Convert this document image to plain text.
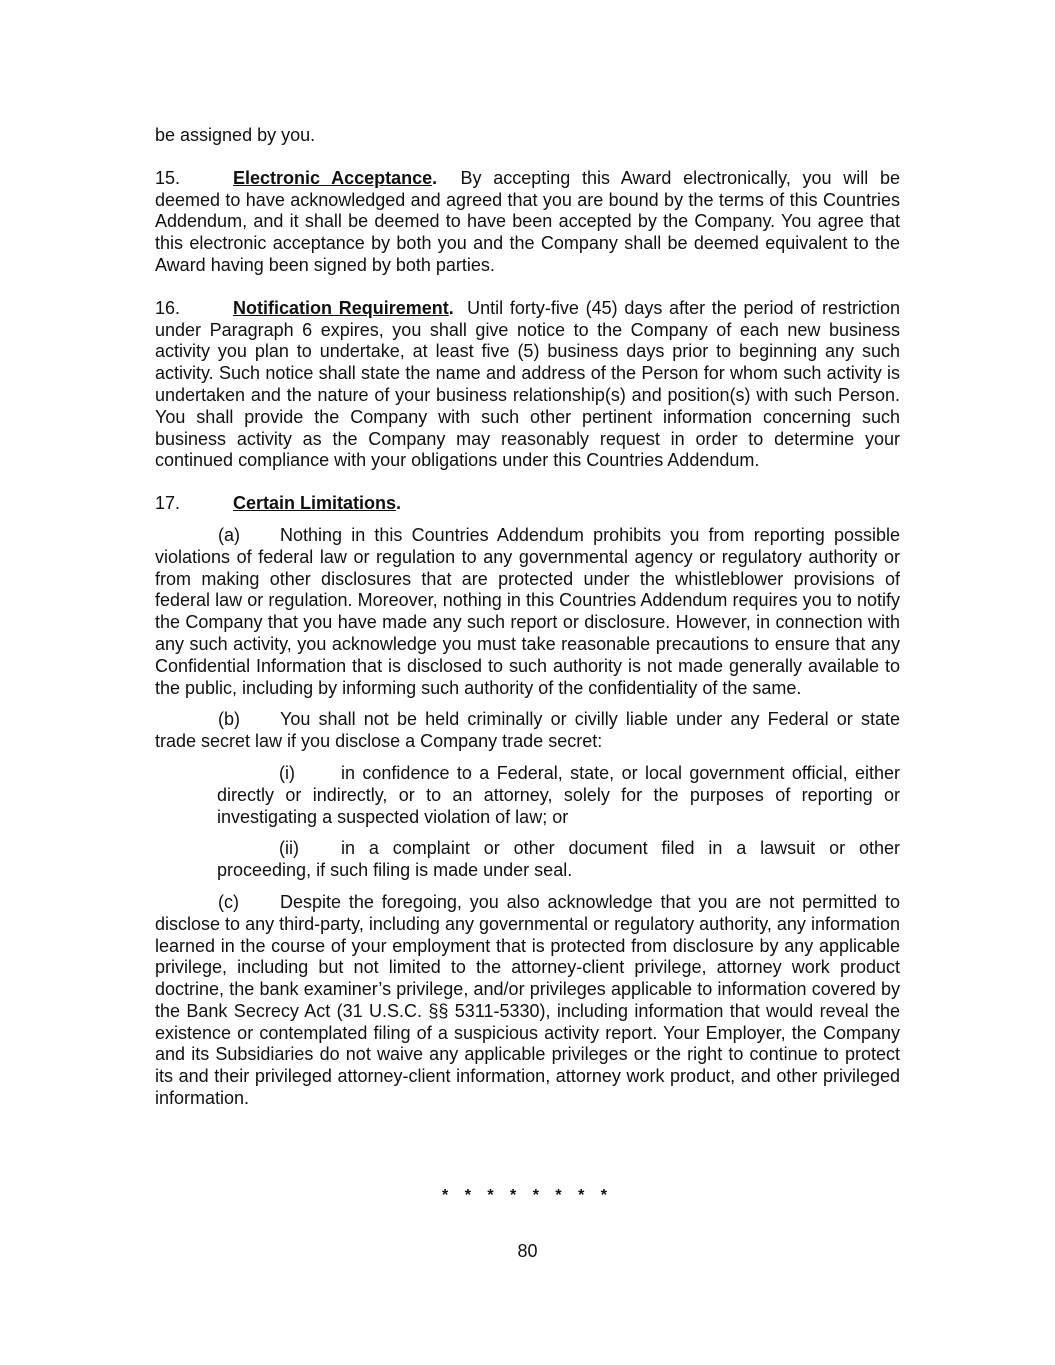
be assigned by you.

15.	Electronic Acceptance. By accepting this Award electronically, you will be deemed to have acknowledged and agreed that you are bound by the terms of this Countries Addendum, and it shall be deemed to have been accepted by the Company. You agree that this electronic acceptance by both you and the Company shall be deemed equivalent to the Award having been signed by both parties.

16.	Notification Requirement. Until forty-five (45) days after the period of restriction under Paragraph 6 expires, you shall give notice to the Company of each new business activity you plan to undertake, at least five (5) business days prior to beginning any such activity. Such notice shall state the name and address of the Person for whom such activity is undertaken and the nature of your business relationship(s) and position(s) with such Person. You shall provide the Company with such other pertinent information concerning such business activity as the Company may reasonably request in order to determine your continued compliance with your obligations under this Countries Addendum.

17.	Certain Limitations.

(a) Nothing in this Countries Addendum prohibits you from reporting possible violations of federal law or regulation to any governmental agency or regulatory authority or from making other disclosures that are protected under the whistleblower provisions of federal law or regulation. Moreover, nothing in this Countries Addendum requires you to notify the Company that you have made any such report or disclosure. However, in connection with any such activity, you acknowledge you must take reasonable precautions to ensure that any Confidential Information that is disclosed to such authority is not made generally available to the public, including by informing such authority of the confidentiality of the same.

(b) You shall not be held criminally or civilly liable under any Federal or state trade secret law if you disclose a Company trade secret:

(i)	in confidence to a Federal, state, or local government official, either directly or indirectly, or to an attorney, solely for the purposes of reporting or investigating a suspected violation of law; or

(ii) in a complaint or other document filed in a lawsuit or other proceeding, if such filing is made under seal.

(c) Despite the foregoing, you also acknowledge that you are not permitted to disclose to any third-party, including any governmental or regulatory authority, any information learned in the course of your employment that is protected from disclosure by any applicable privilege, including but not limited to the attorney-client privilege, attorney work product doctrine, the bank examiner’s privilege, and/or privileges applicable to information covered by the Bank Secrecy Act (31 U.S.C. §§ 5311-5330), including information that would reveal the existence or contemplated filing of a suspicious activity report. Your Employer, the Company and its Subsidiaries do not waive any applicable privileges or the right to continue to protect its and their privileged attorney-client information, attorney work product, and other privileged information.

* * * * * * * *
80
